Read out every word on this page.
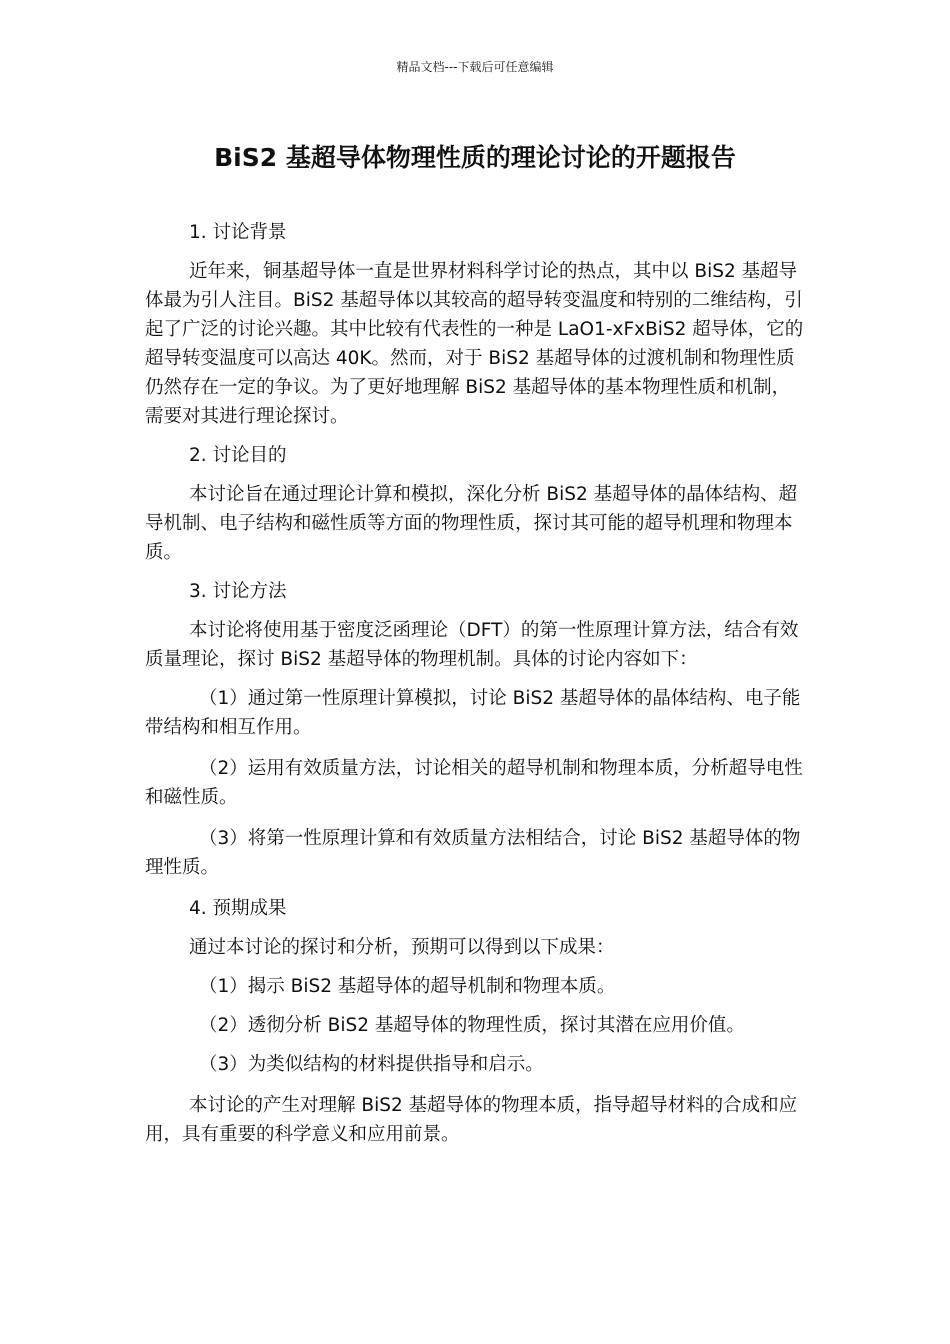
精品文档---下载后可任意编辑
BiS2 基超导体物理性质的理论讨论的开题报告

1. 讨论背景

近年来，铜基超导体一直是世界材料科学讨论的热点，其中以 BiS2 基超导体最为引人注目。BiS2 基超导体以其较高的超导转变温度和特别的二维结构，引起了广泛的讨论兴趣。其中比较有代表性的一种是 LaO1-xFxBiS2 超导体，它的超导转变温度可以高达 40K。然而，对于 BiS2 基超导体的过渡机制和物理性质仍然存在一定的争议。为了更好地理解 BiS2 基超导体的基本物理性质和机制，需要对其进行理论探讨。

2. 讨论目的

本讨论旨在通过理论计算和模拟，深化分析 BiS2 基超导体的晶体结构、超导机制、电子结构和磁性质等方面的物理性质，探讨其可能的超导机理和物理本质。

3. 讨论方法

本讨论将使用基于密度泛函理论（DFT）的第一性原理计算方法，结合有效质量理论，探讨 BiS2 基超导体的物理机制。具体的讨论内容如下：

（1）通过第一性原理计算模拟，讨论 BiS2 基超导体的晶体结构、电子能带结构和相互作用。

（2）运用有效质量方法，讨论相关的超导机制和物理本质，分析超导电性和磁性质。

（3）将第一性原理计算和有效质量方法相结合，讨论 BiS2 基超导体的物理性质。

4. 预期成果

通过本讨论的探讨和分析，预期可以得到以下成果：

（1）揭示 BiS2 基超导体的超导机制和物理本质。

（2）透彻分析 BiS2 基超导体的物理性质，探讨其潜在应用价值。

（3）为类似结构的材料提供指导和启示。

本讨论的产生对理解 BiS2 基超导体的物理本质，指导超导材料的合成和应用，具有重要的科学意义和应用前景。
